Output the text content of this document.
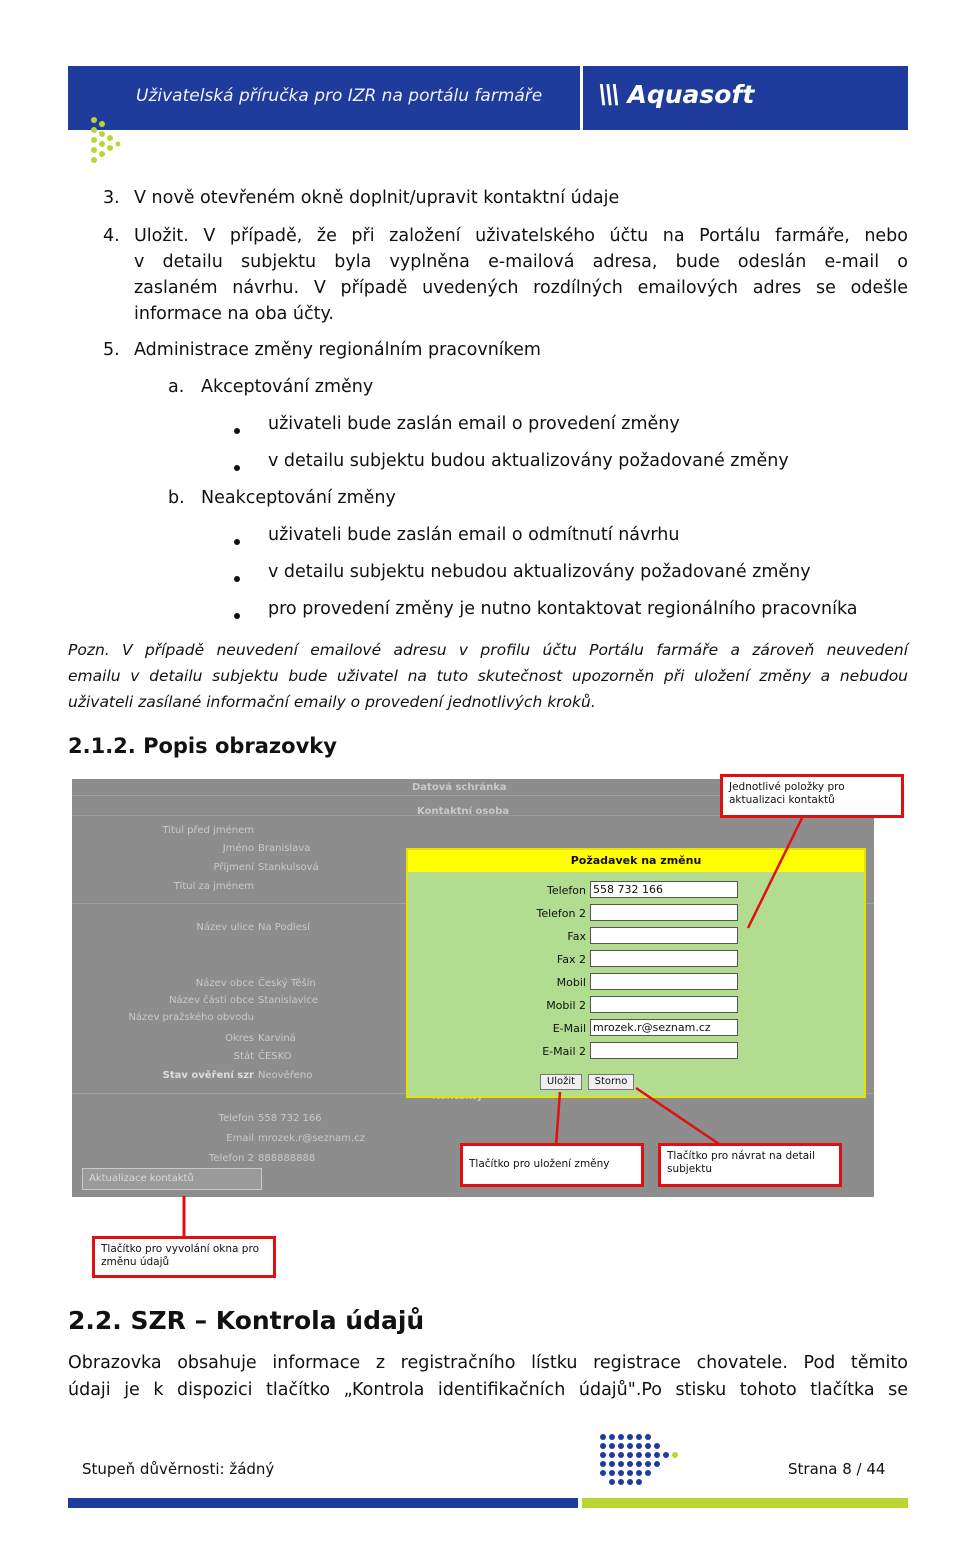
Uživatelská příručka pro IZR na portálu farmáře \\\ Aquasoft
3. V nově otevřeném okně doplnit/upravit kontaktní údaje
4. Uložit. V případě, že při založení uživatelského účtu na Portálu farmáře, nebo
v detailu subjektu byla vyplněna e-mailová adresa, bude odeslán e-mail o
zaslaném návrhu. V případě uvedených rozdílných emailových adres se odešle
informace na oba účty.
5. Administrace změny regionálním pracovníkem
a. Akceptování změny
uživateli bude zaslán email o provedení změny
v detailu subjektu budou aktualizovány požadované změny
b. Neakceptování změny
uživateli bude zaslán email o odmítnutí návrhu
v detailu subjektu nebudou aktualizovány požadované změny
pro provedení změny je nutno kontaktovat regionálního pracovníka
Pozn. V případě neuvedení emailové adresu v profilu účtu Portálu farmáře a zároveň neuvedení
emailu v detailu subjektu bude uživatel na tuto skutečnost upozorněn při uložení změny a nebudou
uživateli zasílané informační emaily o provedení jednotlivých kroků.
2.1.2. Popis obrazovky
Datová schránka
Kontaktní osoba
Titul před jménem
Jméno Branislava
Příjmení Stankulsová
Titul za jménem
Název ulice Na Podlesí
Název obce Český Těšín
Název části obce Stanislavice
Název pražského obvodu
Okres Karviná
Stát ČESKO
Stav ověření szr Neověřeno
Telefon 558 732 166
Email mrozek.r@seznam.cz
Telefon 2 888888888
Aktualizace kontaktů
Požadavek na změnu
Telefon 558 732 166
Telefon 2
Fax
Fax 2
Mobil
Mobil 2
E-Mail mrozek.r@seznam.cz
E-Mail 2
Uložit	Storno
Jednotlivé položky pro aktualizaci kontaktů
Tlačítko pro uložení změny
Tlačítko pro návrat na detail subjektu
Tlačítko pro vyvolání okna pro změnu údajů
2.2. SZR – Kontrola údajů
Obrazovka obsahuje informace z registračního lístku registrace chovatele. Pod těmito
údaji je k dispozici tlačítko „Kontrola identifikačních údajů".Po stisku tohoto tlačítka se
Stupeň důvěrnosti: žádný	Strana 8 / 44
